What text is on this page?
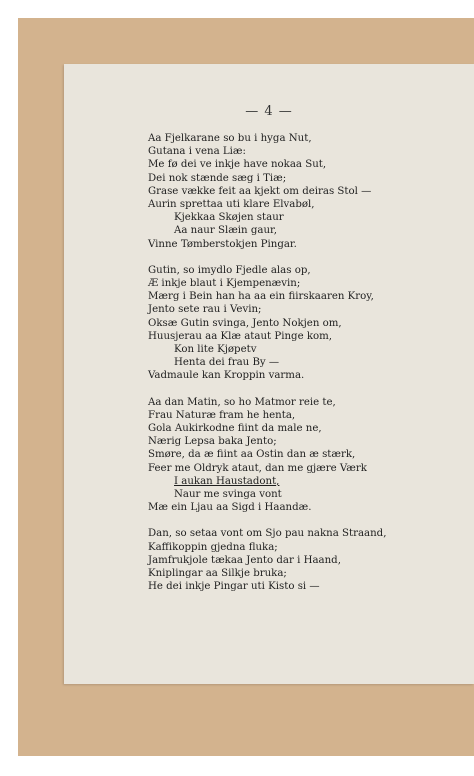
— 4 —
Aa Fjelkarane so bu i hyga Nut,
Gutana i vena Liæ:
Me fø dei ve inkje have nokaa Sut,
Dei nok stænde sæg i Tiæ;
Grase vække feit aa kjekt om deiras Stol —
Aurin sprettaa uti klare Elvabøl,
Kjekkaa Skøjen staur
Aa naur Slæin gaur,
Vinne Tømberstokjen Pingar.
Gutin, so imydlo Fjedle alas op,
Æ inkje blaut i Kjempenævin;
Mærg i Bein han ha aa ein fiirskaaren Kroy,
Jento sete rau i Vevin;
Oksæ Gutin svinga, Jento Nokjen om,
Huusjerau aa Klæ ataut Pinge kom,
Kon lite Kjøpetv
Henta dei frau By —
Vadmaule kan Kroppin varma.
Aa dan Matin, so ho Matmor reie te,
Frau Naturæ fram he henta,
Gola Aukirkodne fiint da male ne,
Nærig Lepsa baka Jento;
Smøre, da æ fiint aa Ostin dan æ stærk,
Feer me Oldryk ataut, dan me gjære Værk
I aukan Haustadont,
Naur me svinga vont
Mæ ein Ljau aa Sigd i Haandæ.
Dan, so setaa vont om Sjo pau nakna Straand,
Kaffikoppin gjedna fluka;
Jamfrukjole tækaa Jento dar i Haand,
Kniplingar aa Silkje bruka;
He dei inkje Pingar uti Kisto si —
